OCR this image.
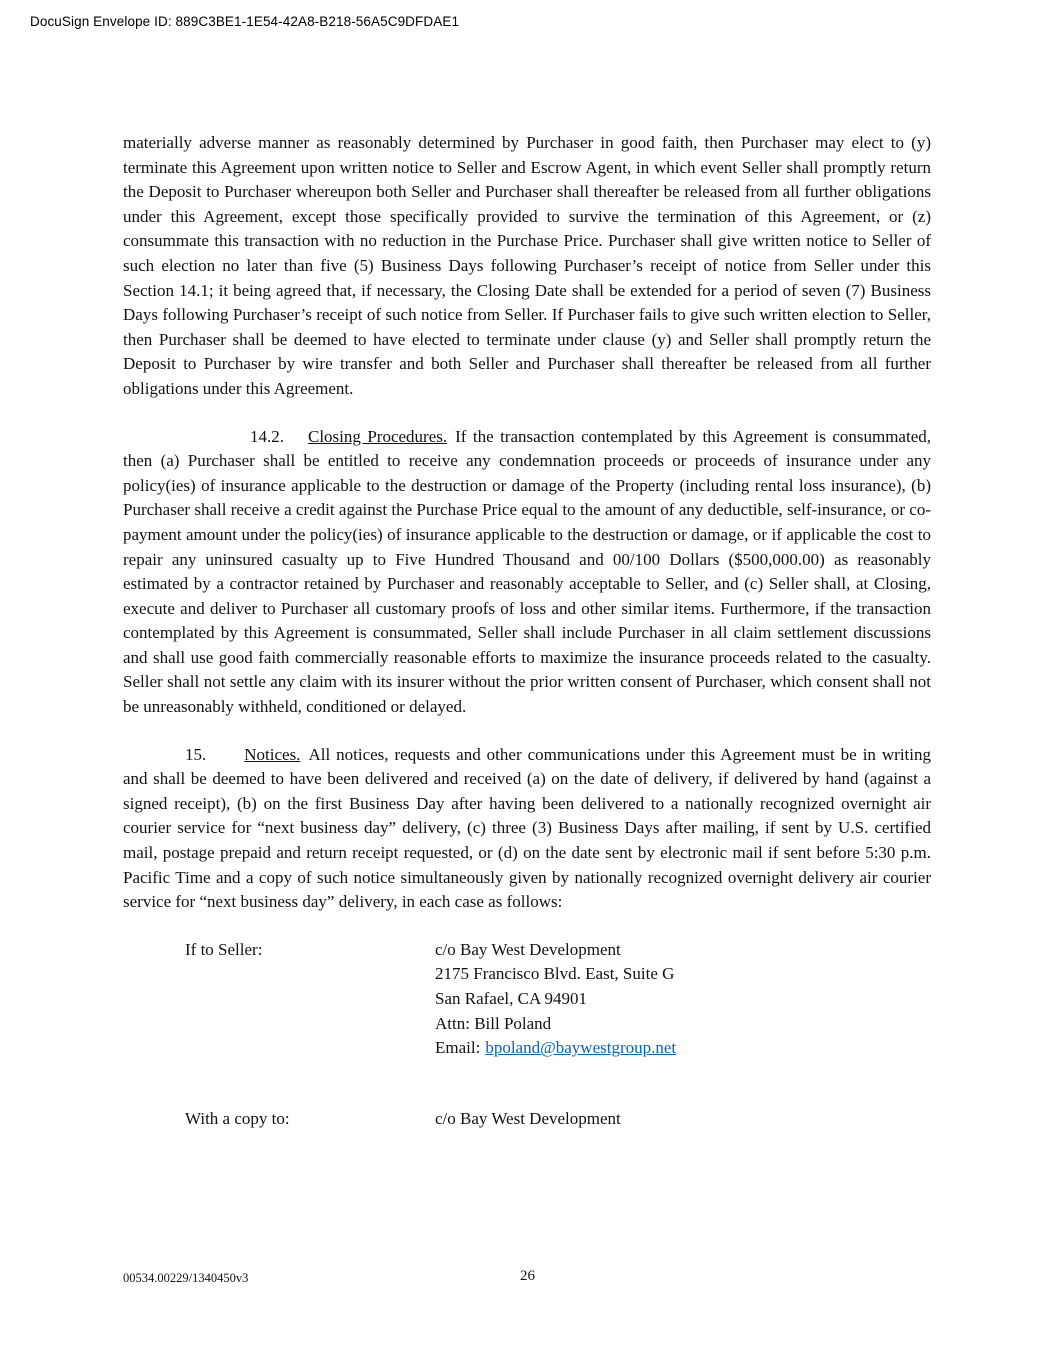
DocuSign Envelope ID: 889C3BE1-1E54-42A8-B218-56A5C9DFDAE1

materially adverse manner as reasonably determined by Purchaser in good faith, then Purchaser may elect to (y) terminate this Agreement upon written notice to Seller and Escrow Agent, in which event Seller shall promptly return the Deposit to Purchaser whereupon both Seller and Purchaser shall thereafter be released from all further obligations under this Agreement, except those specifically provided to survive the termination of this Agreement, or (z) consummate this transaction with no reduction in the Purchase Price. Purchaser shall give written notice to Seller of such election no later than five (5) Business Days following Purchaser’s receipt of notice from Seller under this Section 14.1; it being agreed that, if necessary, the Closing Date shall be extended for a period of seven (7) Business Days following Purchaser’s receipt of such notice from Seller. If Purchaser fails to give such written election to Seller, then Purchaser shall be deemed to have elected to terminate under clause (y) and Seller shall promptly return the Deposit to Purchaser by wire transfer and both Seller and Purchaser shall thereafter be released from all further obligations under this Agreement.

14.2. Closing Procedures. If the transaction contemplated by this Agreement is consummated, then (a) Purchaser shall be entitled to receive any condemnation proceeds or proceeds of insurance under any policy(ies) of insurance applicable to the destruction or damage of the Property (including rental loss insurance), (b) Purchaser shall receive a credit against the Purchase Price equal to the amount of any deductible, self-insurance, or co-payment amount under the policy(ies) of insurance applicable to the destruction or damage, or if applicable the cost to repair any uninsured casualty up to Five Hundred Thousand and 00/100 Dollars ($500,000.00) as reasonably estimated by a contractor retained by Purchaser and reasonably acceptable to Seller, and (c) Seller shall, at Closing, execute and deliver to Purchaser all customary proofs of loss and other similar items. Furthermore, if the transaction contemplated by this Agreement is consummated, Seller shall include Purchaser in all claim settlement discussions and shall use good faith commercially reasonable efforts to maximize the insurance proceeds related to the casualty. Seller shall not settle any claim with its insurer without the prior written consent of Purchaser, which consent shall not be unreasonably withheld, conditioned or delayed.

15. Notices. All notices, requests and other communications under this Agreement must be in writing and shall be deemed to have been delivered and received (a) on the date of delivery, if delivered by hand (against a signed receipt), (b) on the first Business Day after having been delivered to a nationally recognized overnight air courier service for “next business day” delivery, (c) three (3) Business Days after mailing, if sent by U.S. certified mail, postage prepaid and return receipt requested, or (d) on the date sent by electronic mail if sent before 5:30 p.m. Pacific Time and a copy of such notice simultaneously given by nationally recognized overnight delivery air courier service for “next business day” delivery, in each case as follows:

If to Seller:	c/o Bay West Development
2175 Francisco Blvd. East, Suite G
San Rafael, CA 94901
Attn: Bill Poland
Email: bpoland@baywestgroup.net
With a copy to:	c/o Bay West Development
00534.00229/1340450v3	26
